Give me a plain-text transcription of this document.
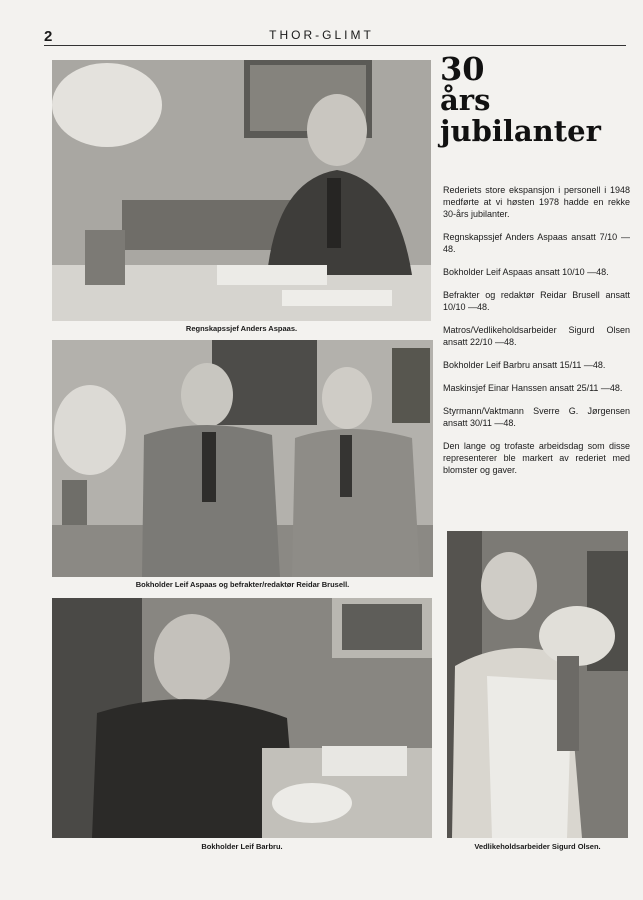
2	THOR-GLIMT
Regnskapssjef Anders Aspaas.
30
års
jubilanter

Rederiets store ekspansjon i personell i 1948 medførte at vi høsten 1978 hadde en rekke 30-års jubilanter.

Regnskapssjef Anders Aspaas ansatt 7/10 —48.

Bokholder Leif Aspaas ansatt 10/10 —48.

Befrakter og redaktør Reidar Brusell ansatt 10/10 —48.

Matros/Vedlikeholdsarbeider Sigurd Olsen ansatt 22/10 —48.

Bokholder Leif Barbru ansatt 15/11 —48.

Maskinsjef Einar Hanssen ansatt 25/11 —48.

Styrmann/Vaktmann Sverre G. Jørgensen ansatt 30/11 —48.

Den lange og trofaste arbeidsdag som disse representerer ble markert av rederiet med blomster og gaver.

Bokholder Leif Aspaas og befrakter/redaktør Reidar Brusell.
Bokholder Leif Barbru.	Vedlikeholdsarbeider Sigurd Olsen.
